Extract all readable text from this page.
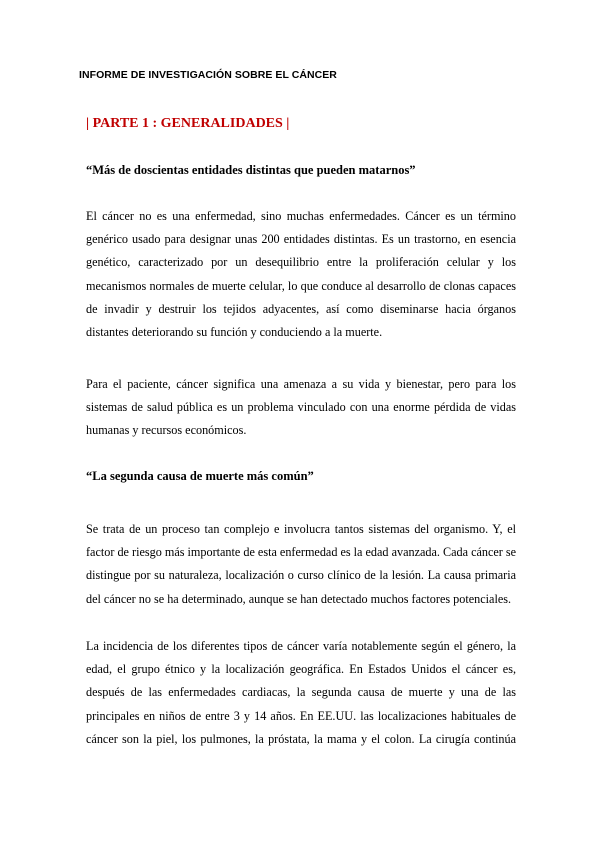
INFORME DE INVESTIGACIÓN SOBRE EL CÁNCER
| PARTE 1 : GENERALIDADES |
“Más de doscientas entidades distintas que pueden matarnos”
El cáncer no es una enfermedad, sino muchas enfermedades. Cáncer es un término
genérico usado para designar unas 200 entidades distintas. Es un trastorno, en esencia
genético, caracterizado por un desequilibrio entre la proliferación celular y los
mecanismos normales de muerte celular, lo que conduce al desarrollo de clonas capaces
de invadir y destruir los tejidos adyacentes, así como diseminarse hacia órganos
distantes deteriorando su función y conduciendo a la muerte.
Para el paciente, cáncer significa una amenaza a su vida y bienestar, pero para los
sistemas de salud pública es un problema vinculado con una enorme pérdida de vidas
humanas y recursos económicos.
“La segunda causa de muerte más común”
Se trata de un proceso tan complejo e involucra tantos sistemas del organismo. Y, el
factor de riesgo más importante de esta enfermedad es la edad avanzada. Cada cáncer se
distingue por su naturaleza, localización o curso clínico de la lesión. La causa primaria
del cáncer no se ha determinado, aunque se han detectado muchos factores potenciales.
La incidencia de los diferentes tipos de cáncer varía notablemente según el género, la
edad, el grupo étnico y la localización geográfica. En Estados Unidos el cáncer es,
después de las enfermedades cardiacas, la segunda causa de muerte y una de las
principales en niños de entre 3 y 14 años. En EE.UU. las localizaciones habituales de
cáncer son la piel, los pulmones, la próstata, la mama y el colon. La cirugía continúa
